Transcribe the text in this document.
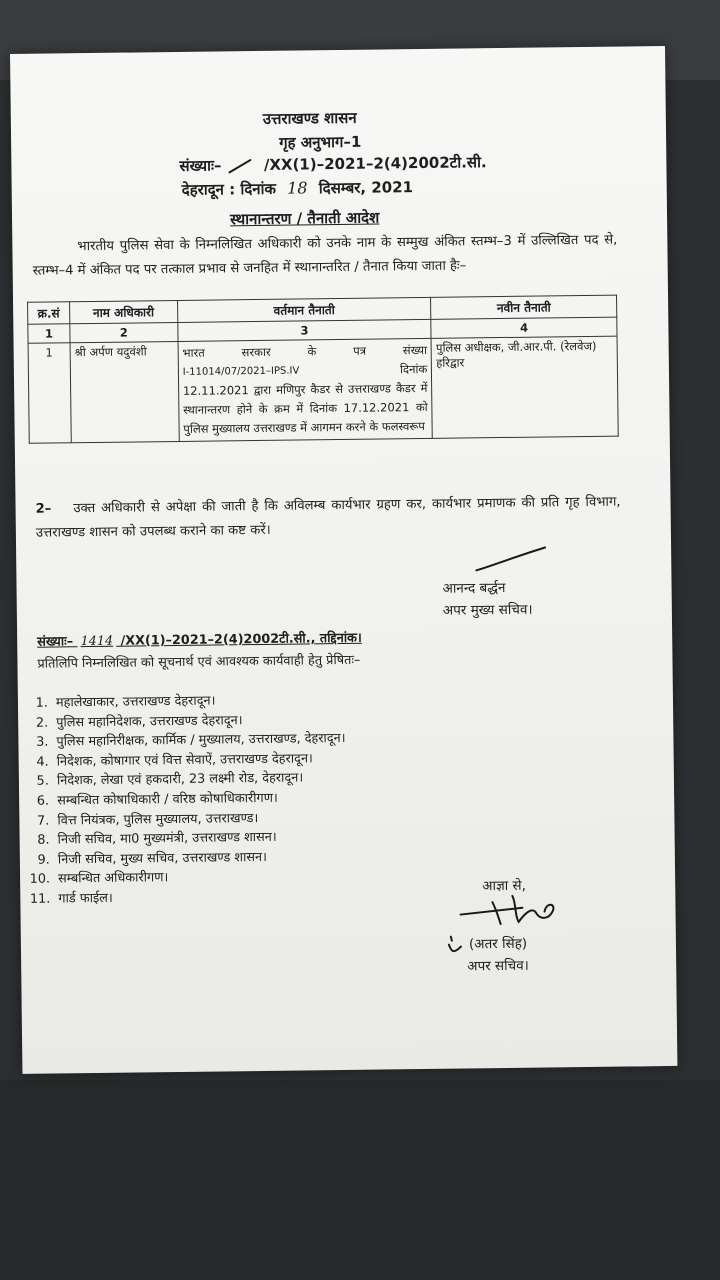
उत्तराखण्ड शासन
गृह अनुभाग–1
संख्याः–	/XX(1)–2021–2(4)2002टी.सी.
देहरादून : दिनांक 18 दिसम्बर, 2021
स्थानान्तरण / तैनाती आदेश
भारतीय पुलिस सेवा के निम्नलिखित अधिकारी को उनके नाम के सम्मुख अंकित स्तम्भ–3 में उल्लिखित पद से, स्तम्भ–4 में अंकित पद पर तत्काल प्रभाव से जनहित में स्थानान्तरित / तैनात किया जाता हैः–
क्र.सं	नाम अधिकारी	वर्तमान तैनाती	नवीन तैनाती
1	2	3	4
1	श्री अर्पण यदुवंशी	भारत सरकार के पत्र संख्या
I-11014/07/2021–IPS.IV दिनांक
12.11.2021 द्वारा मणिपुर कैडर से उत्तराखण्ड कैडर में स्थानान्तरण होने के क्रम में दिनांक 17.12.2021 को पुलिस मुख्यालय उत्तराखण्ड में आगमन करने के फलस्वरूप	पुलिस अधीक्षक, जी.आर.पी. (रेलवेज) हरिद्वार
2– उक्त अधिकारी से अपेक्षा की जाती है कि अविलम्ब कार्यभार ग्रहण कर, कार्यभार प्रमाणक की प्रति गृह विभाग, उत्तराखण्ड शासन को उपलब्ध कराने का कष्ट करें।
आनन्द बर्द्धन
अपर मुख्य सचिव।
संख्याः– 1414 /XX(1)–2021–2(4)2002टी.सी., तद्दिनांक।
प्रतिलिपि निम्नलिखित को सूचनार्थ एवं आवश्यक कार्यवाही हेतु प्रेषितः–
1. महालेखाकार, उत्तराखण्ड देहरादून।
2. पुलिस महानिदेशक, उत्तराखण्ड देहरादून।
3. पुलिस महानिरीक्षक, कार्मिक / मुख्यालय, उत्तराखण्ड, देहरादून।
4. निदेशक, कोषागार एवं वित्त सेवाऐं, उत्तराखण्ड देहरादून।
5. निदेशक, लेखा एवं हकदारी, 23 लक्ष्मी रोड, देहरादून।
6. सम्बन्धित कोषाधिकारी / वरिष्ठ कोषाधिकारीगण।
7. वित्त नियंत्रक, पुलिस मुख्यालय, उत्तराखण्ड।
8. निजी सचिव, मा0 मुख्यमंत्री, उत्तराखण्ड शासन।
9. निजी सचिव, मुख्य सचिव, उत्तराखण्ड शासन।
10. सम्बन्धित अधिकारीगण।
11. गार्ड फाईल।
आज्ञा से,
(अतर सिंह)
अपर सचिव।
